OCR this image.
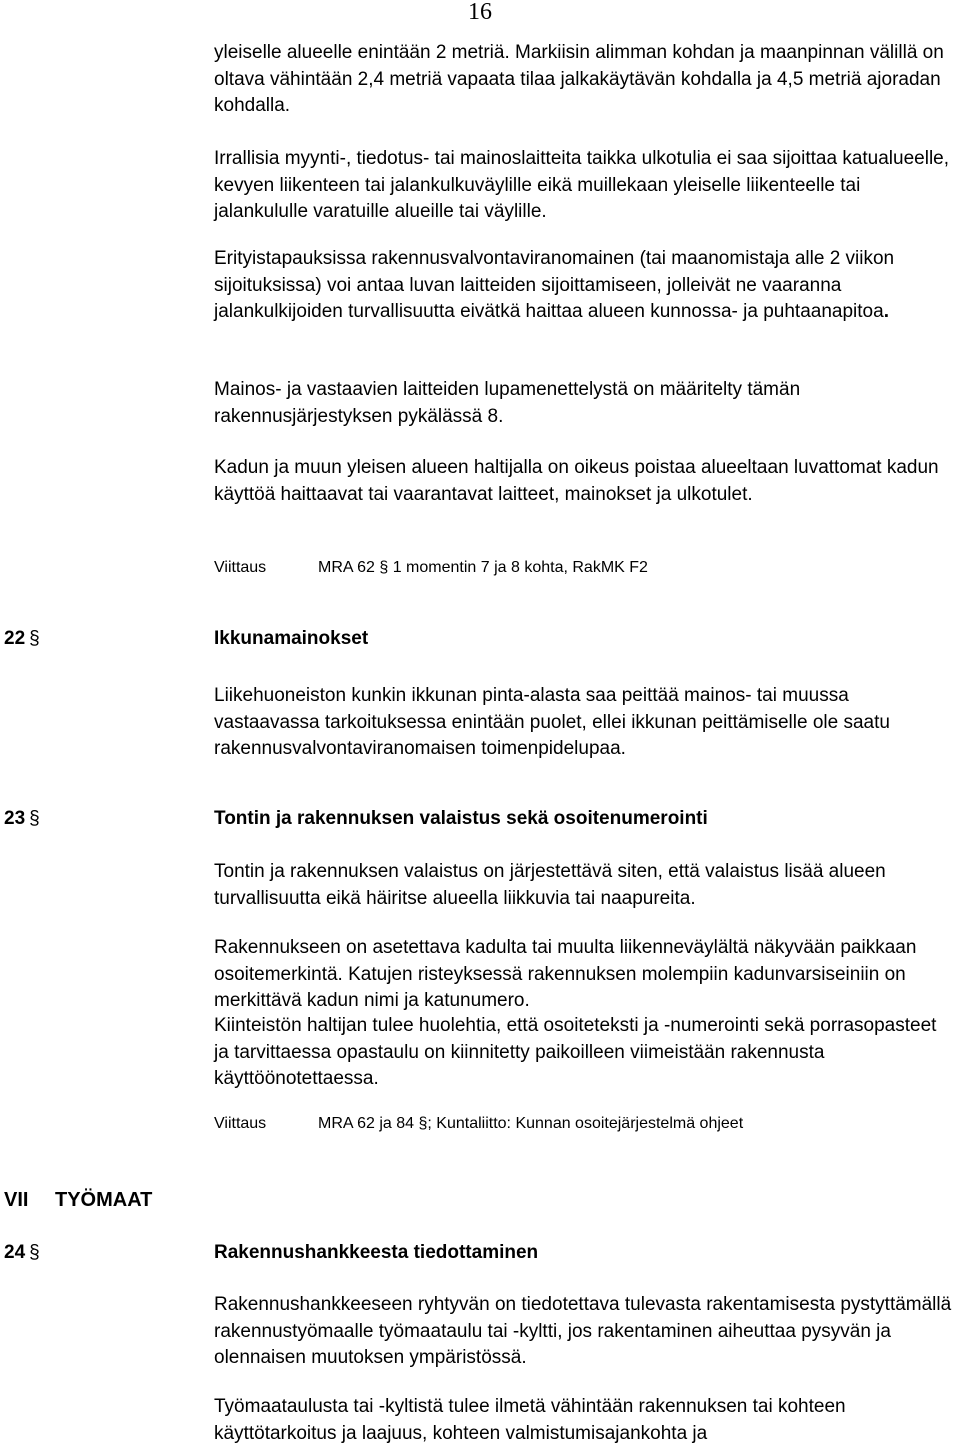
16

yleiselle alueelle enintään 2 metriä. Markiisin alimman kohdan ja maanpinnan välillä on oltava vähintään 2,4 metriä vapaata tilaa jalkakäytävän kohdalla ja 4,5 metriä ajoradan kohdalla.

Irrallisia myynti-, tiedotus- tai mainoslaitteita taikka ulkotulia ei saa sijoittaa katualueelle, kevyen liikenteen tai jalankulkuväylille eikä muillekaan yleiselle liikenteelle tai jalankululle varatuille alueille tai väylille.

Erityistapauksissa rakennusvalvontaviranomainen (tai maanomistaja alle 2 viikon sijoituksissa) voi antaa luvan laitteiden sijoittamiseen, jolleivät ne vaaranna jalankulkijoiden turvallisuutta eivätkä haittaa alueen kunnossa- ja puhtaanapitoa.

Mainos- ja vastaavien laitteiden lupamenettelystä on määritelty tämän rakennusjärjestyksen pykälässä 8.

Kadun ja muun yleisen alueen haltijalla on oikeus poistaa alueeltaan luvattomat kadun käyttöä haittaavat tai vaarantavat laitteet, mainokset ja ulkotulet.

Viittaus	MRA 62 § 1 momentin 7 ja 8 kohta, RakMK F2
22 §	Ikkunamainokset

Liikehuoneiston kunkin ikkunan pinta-alasta saa peittää mainos- tai muussa vastaavassa tarkoituksessa enintään puolet, ellei ikkunan peittämiselle ole saatu rakennusvalvontaviranomaisen toimenpidelupaa.

23 §	Tontin ja rakennuksen valaistus sekä osoitenumerointi

Tontin ja rakennuksen valaistus on järjestettävä siten, että valaistus lisää alueen turvallisuutta eikä häiritse alueella liikkuvia tai naapureita.

Rakennukseen on asetettava kadulta tai muulta liikenneväylältä näkyvään paikkaan osoitemerkintä. Katujen risteyksessä rakennuksen molempiin kadunvarsiseiniin on merkittävä kadun nimi ja katunumero.

Kiinteistön haltijan tulee huolehtia, että osoiteteksti ja -numerointi sekä porrasopasteet ja tarvittaessa opastaulu on kiinnitetty paikoilleen viimeistään rakennusta käyttöönotettaessa.

Viittaus	MRA 62 ja 84 §; Kuntaliitto: Kunnan osoitejärjestelmä ohjeet
VII TYÖMAAT
24 §	Rakennushankkeesta tiedottaminen

Rakennushankkeeseen ryhtyvän on tiedotettava tulevasta rakentamisesta pystyttämällä rakennustyömaalle työmaataulu tai -kyltti, jos rakentaminen aiheuttaa pysyvän ja olennaisen muutoksen ympäristössä.

Työmaataulusta tai -kyltistä tulee ilmetä vähintään rakennuksen tai kohteen käyttötarkoitus ja laajuus, kohteen valmistumisajankohta ja
